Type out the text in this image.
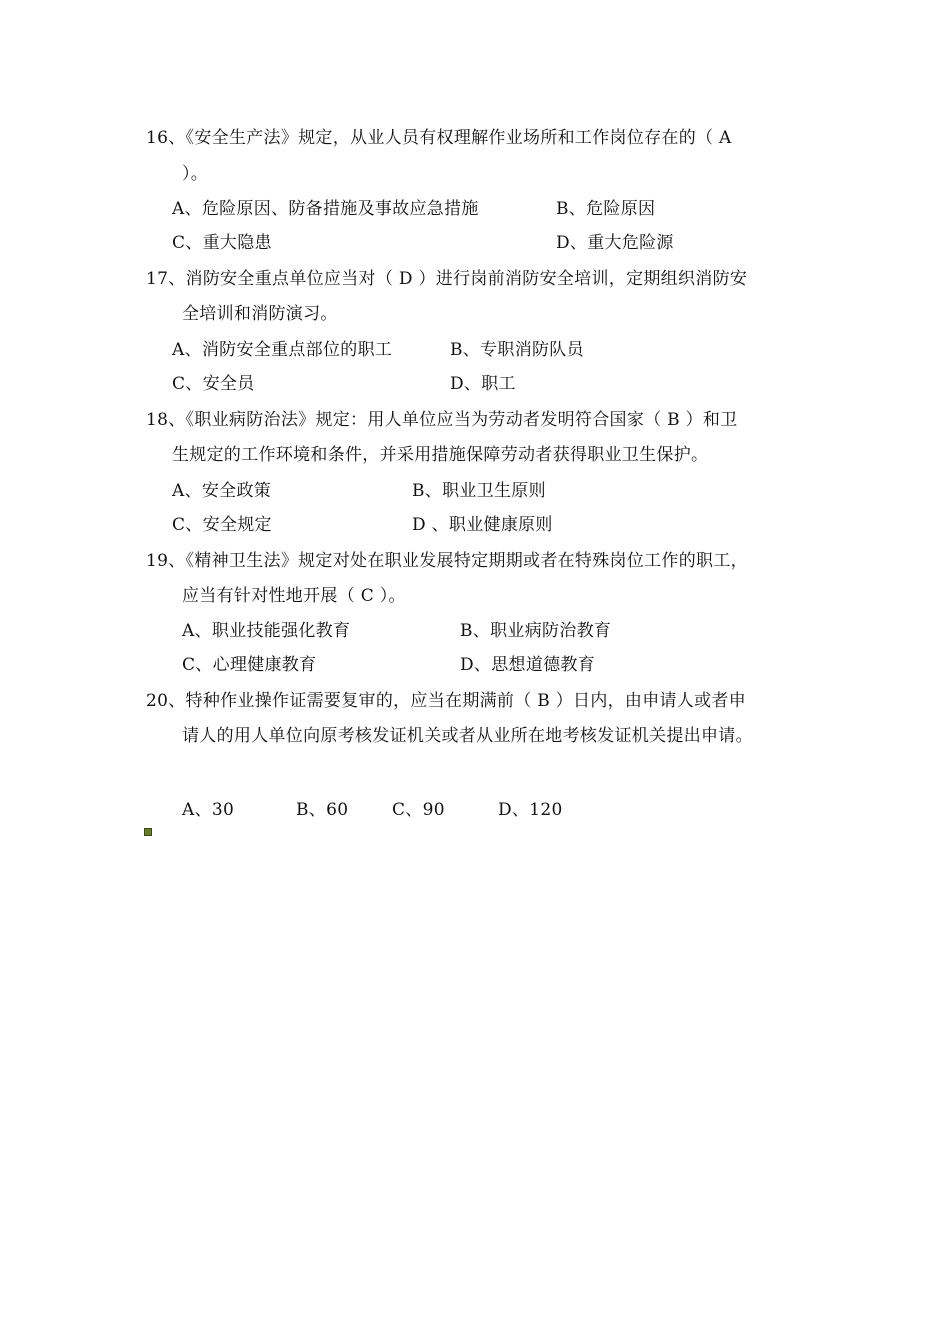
16、《安全生产法》规定，从业人员有权理解作业场所和工作岗位存在的（ A
）。
A、危险原因、防备措施及事故应急措施	B、危险原因
C、重大隐患	D、重大危险源
17、消防安全重点单位应当对（ D ）进行岗前消防安全培训，定期组织消防安
全培训和消防演习。
A、消防安全重点部位的职工	B、专职消防队员
C、安全员	D、职工
18、《职业病防治法》规定：用人单位应当为劳动者发明符合国家（ B ）和卫
生规定的工作环境和条件，并采用措施保障劳动者获得职业卫生保护。
A、安全政策	B、职业卫生原则
C、安全规定	D 、职业健康原则
19、《精神卫生法》规定对处在职业发展特定期期或者在特殊岗位工作的职工，
应当有针对性地开展（ C ）。
A、职业技能强化教育	B、职业病防治教育
C、心理健康教育	D、思想道德教育
20、特种作业操作证需要复审的，应当在期满前（ B ）日内，由申请人或者申
请人的用人单位向原考核发证机关或者从业所在地考核发证机关提出申请。
A、30	B、60	C、90	D、120
